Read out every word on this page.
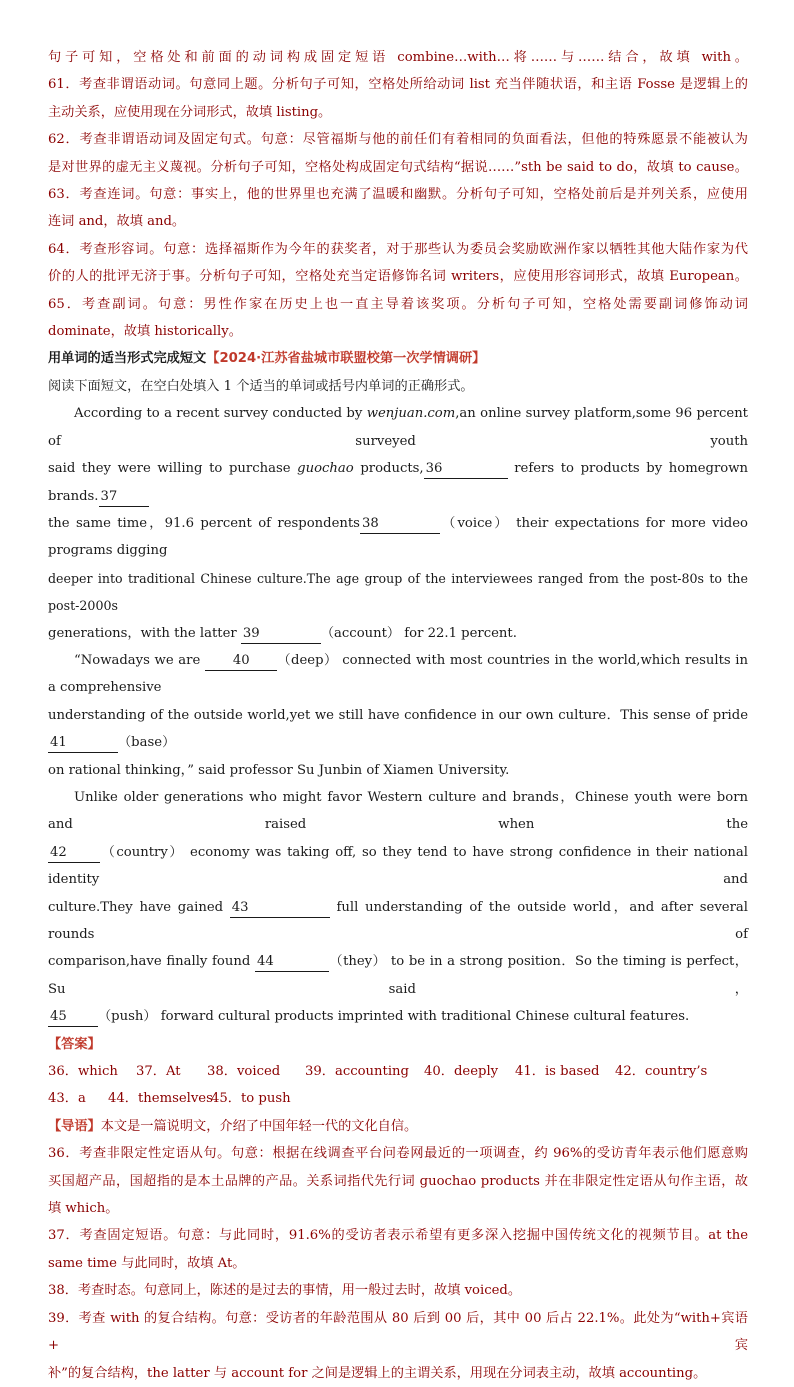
句子可知，空格处和前面的动词构成固定短语 combine…with…将……与……结合，故填 with。

61．考查非谓语动词。句意同上题。分析句子可知，空格处所给动词 list 充当伴随状语，和主语 Fosse 是逻辑上的

主动关系，应使用现在分词形式，故填 listing。

62．考查非谓语动词及固定句式。句意：尽管福斯与他的前任们有着相同的负面看法，但他的特殊愿景不能被认为

是对世界的虚无主义蔑视。分析句子可知，空格处构成固定句式结构“据说……”sth be said to do，故填 to cause。

63．考查连词。句意：事实上，他的世界里也充满了温暖和幽默。分析句子可知，空格处前后是并列关系，应使用

连词 and，故填 and。

64．考查形容词。句意：选择福斯作为今年的获奖者，对于那些认为委员会奖励欧洲作家以牺牲其他大陆作家为代

价的人的批评无济于事。分析句子可知，空格处充当定语修饰名词 writers，应使用形容词形式，故填 European。

65．考查副词。句意：男性作家在历史上也一直主导着该奖项。分析句子可知，空格处需要副词修饰动词

dominate，故填 historically。

用单词的适当形式完成短文【2024·江苏省盐城市联盟校第一次学情调研】

阅读下面短文，在空白处填入 1 个适当的单词或括号内单词的正确形式。

According to a recent survey conducted by wenjuan.com,an online survey platform,some 96 percent of surveyed youth

said they were willing to purchase guochao products, 36	refers to products by homegrown brands. 37

the same time，91.6 percent of respondents 38	（voice） their expectations for more video programs digging

deeper into traditional Chinese culture.The age group of the interviewees ranged from the post-80s to the post-2000s

generations，with the latter 39	（account） for 22.1 percent.

“Nowadays we are 40 （deep） connected with most countries in the world,which results in a comprehensive

understanding of the outside world,yet we still have confidence in our own culture．This sense of pride 41	（base）

on rational thinking，” said professor Su Junbin of Xiamen University.

Unlike older generations who might favor Western culture and brands，Chinese youth were born and raised when the

42	（country） economy was taking off, so they tend to have strong confidence in their national identity and

culture.They have gained 43	full understanding of the outside world，and after several rounds of

comparison,have finally found 44	（they） to be in a strong position．So the timing is perfect，Su said，

45 （push） forward cultural products imprinted with traditional Chinese cultural features.

【答案】

36．which 37．At 38．voiced 39．accounting 40．deeply 41．is based 42．country’s

43．a 44．themselves45．to push

【导语】本文是一篇说明文，介绍了中国年轻一代的文化自信。

36．考查非限定性定语从句。句意：根据在线调查平台问卷网最近的一项调查，约 96%的受访青年表示他们愿意购

买国超产品，国超指的是本土品牌的产品。关系词指代先行词 guochao products 并在非限定性定语从句作主语，故

填 which。

37．考查固定短语。句意：与此同时，91.6%的受访者表示希望有更多深入挖掘中国传统文化的视频节目。at the

same time 与此同时，故填 At。

38．考查时态。句意同上，陈述的是过去的事情，用一般过去时，故填 voiced。

39．考查 with 的复合结构。句意：受访者的年龄范围从 80 后到 00 后，其中 00 后占 22.1%。此处为“with+宾语+宾

补”的复合结构，the latter 与 account for 之间是逻辑上的主谓关系，用现在分词表主动，故填 accounting。
